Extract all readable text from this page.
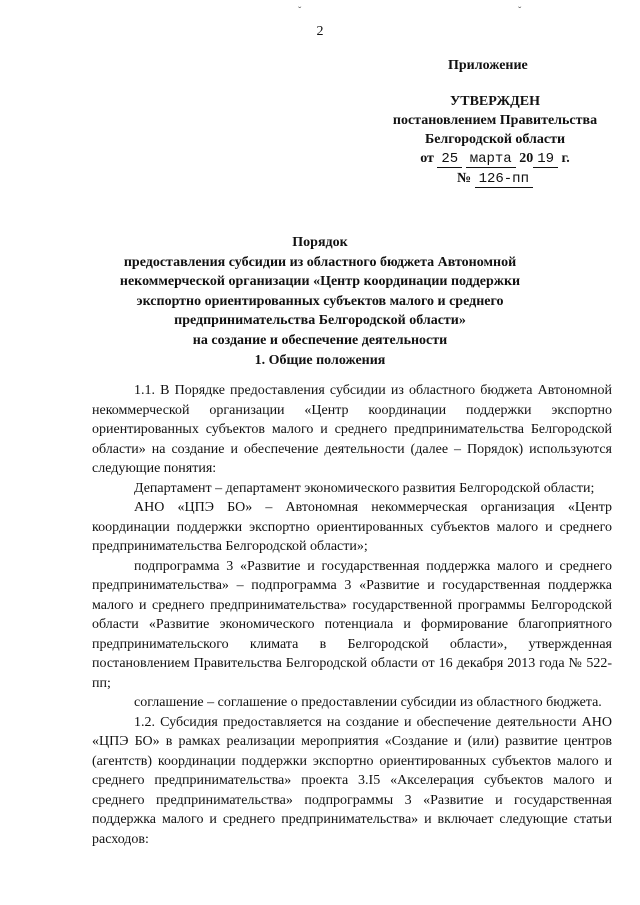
ˇ	ˇ
2
Приложение
УТВЕРЖДЕН
постановлением Правительства
Белгородской области
от 25 марта 20 19 г.
№ 126-пп
Порядок
предоставления субсидии из областного бюджета Автономной
некоммерческой организации «Центр координации поддержки
экспортно ориентированных субъектов малого и среднего
предпринимательства Белгородской области»
на создание и обеспечение деятельности
1. Общие положения

1.1. В Порядке предоставления субсидии из областного бюджета Автономной некоммерческой организации «Центр координации поддержки экспортно ориентированных субъектов малого и среднего предпринимательства Белгородской области» на создание и обеспечение деятельности (далее – Порядок) используются следующие понятия:

Департамент – департамент экономического развития Белгородской области;

АНО «ЦПЭ БО» – Автономная некоммерческая организация «Центр координации поддержки экспортно ориентированных субъектов малого и среднего предпринимательства Белгородской области»;

подпрограмма 3 «Развитие и государственная поддержка малого и среднего предпринимательства» – подпрограмма 3 «Развитие и государственная поддержка малого и среднего предпринимательства» государственной программы Белгородской области «Развитие экономического потенциала и формирование благоприятного предпринимательского климата в Белгородской области», утвержденная постановлением Правительства Белгородской области от 16 декабря 2013 года № 522-пп;

соглашение – соглашение о предоставлении субсидии из областного бюджета.

1.2. Субсидия предоставляется на создание и обеспечение деятельности АНО «ЦПЭ БО» в рамках реализации мероприятия «Создание и (или) развитие центров (агентств) координации поддержки экспортно ориентированных субъектов малого и среднего предпринимательства» проекта 3.I5 «Акселерация субъектов малого и среднего предпринимательства» подпрограммы 3 «Развитие и государственная поддержка малого и среднего предпринимательства» и включает следующие статьи расходов:
